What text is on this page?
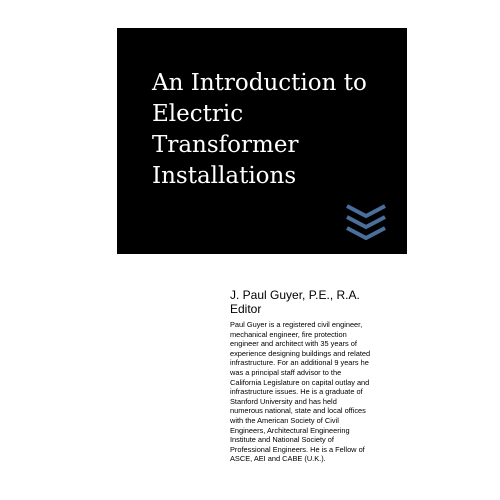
An Introduction to
Electric
Transformer
Installations
J. Paul Guyer, P.E., R.A.
Editor
Paul Guyer is a registered civil engineer,
mechanical engineer, fire protection
engineer and architect with 35 years of
experience designing buildings and related
infrastructure. For an additional 9 years he
was a principal staff advisor to the
California Legislature on capital outlay and
infrastructure issues. He is a graduate of
Stanford University and has held
numerous national, state and local offices
with the American Society of Civil
Engineers, Architectural Engineering
Institute and National Society of
Professional Engineers. He is a Fellow of
ASCE, AEI and CABE (U.K.).
